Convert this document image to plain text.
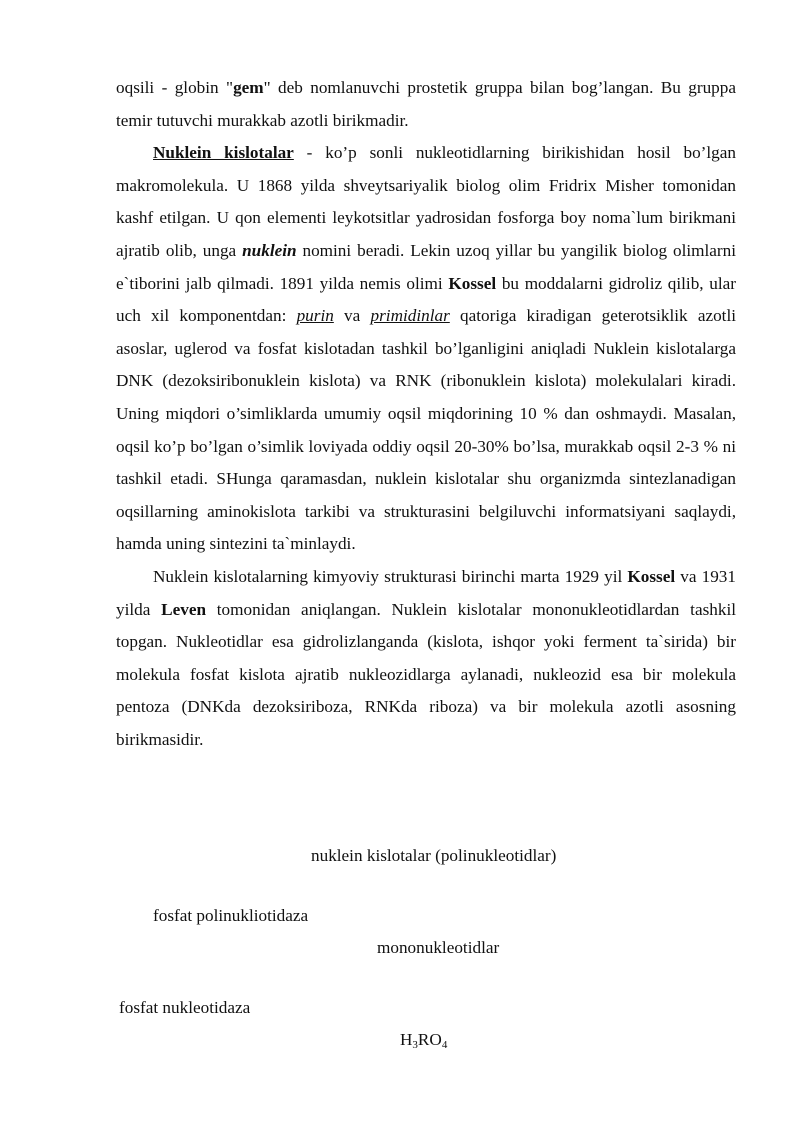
oqsili - globin "gem" deb nomlanuvchi prostetik gruppa bilan bog’langan. Bu gruppa temir tutuvchi murakkab azotli birikmadir.

Nuklein kislotalar - ko’p sonli nukleotidlarning birikishidan hosil bo’lgan makromolekula. U 1868 yilda shveytsariyalik biolog olim Fridrix Misher tomonidan kashf etilgan. U qon elementi leykotsitlar yadrosidan fosforga boy noma`lum birikmani ajratib olib, unga nuklein nomini beradi. Lekin uzoq yillar bu yangilik biolog olimlarni e`tiborini jalb qilmadi. 1891 yilda nemis olimi Kossel bu moddalarni gidroliz qilib, ular uch xil komponentdan: purin va primidinlar qatoriga kiradigan geterotsiklik azotli asoslar, uglerod va fosfat kislotadan tashkil bo’lganligini aniqladi Nuklein kislotalarga DNK (dezoksiribonuklein kislota) va RNK (ribonuklein kislota) molekulalari kiradi. Uning miqdori o’simliklarda umumiy oqsil miqdorining 10 % dan oshmaydi. Masalan, oqsil ko’p bo’lgan o’simlik loviyada oddiy oqsil 20-30% bo’lsa, murakkab oqsil 2-3 % ni tashkil etadi. SHunga qaramasdan, nuklein kislotalar shu organizmda sintezlanadigan oqsillarning aminokislota tarkibi va strukturasini belgiluvchi informatsiyani saqlaydi, hamda uning sintezini ta`minlaydi.

Nuklein kislotalarning kimyoviy strukturasi birinchi marta 1929 yil Kossel va 1931 yilda Leven tomonidan aniqlangan. Nuklein kislotalar mononukleotidlardan tashkil topgan. Nukleotidlar esa gidrolizlanganda (kislota, ishqor yoki ferment ta`sirida) bir molekula fosfat kislota ajratib nukleozidlarga aylanadi, nukleozid esa bir molekula pentoza (DNKda dezoksiriboza, RNKda riboza) va bir molekula azotli asosning birikmasidir.

nuklein kislotalar (polinukleotidlar)
fosfat polinukliotidaza
mononukleotidlar
fosfat nukleotidaza
$H_3RO_4$
